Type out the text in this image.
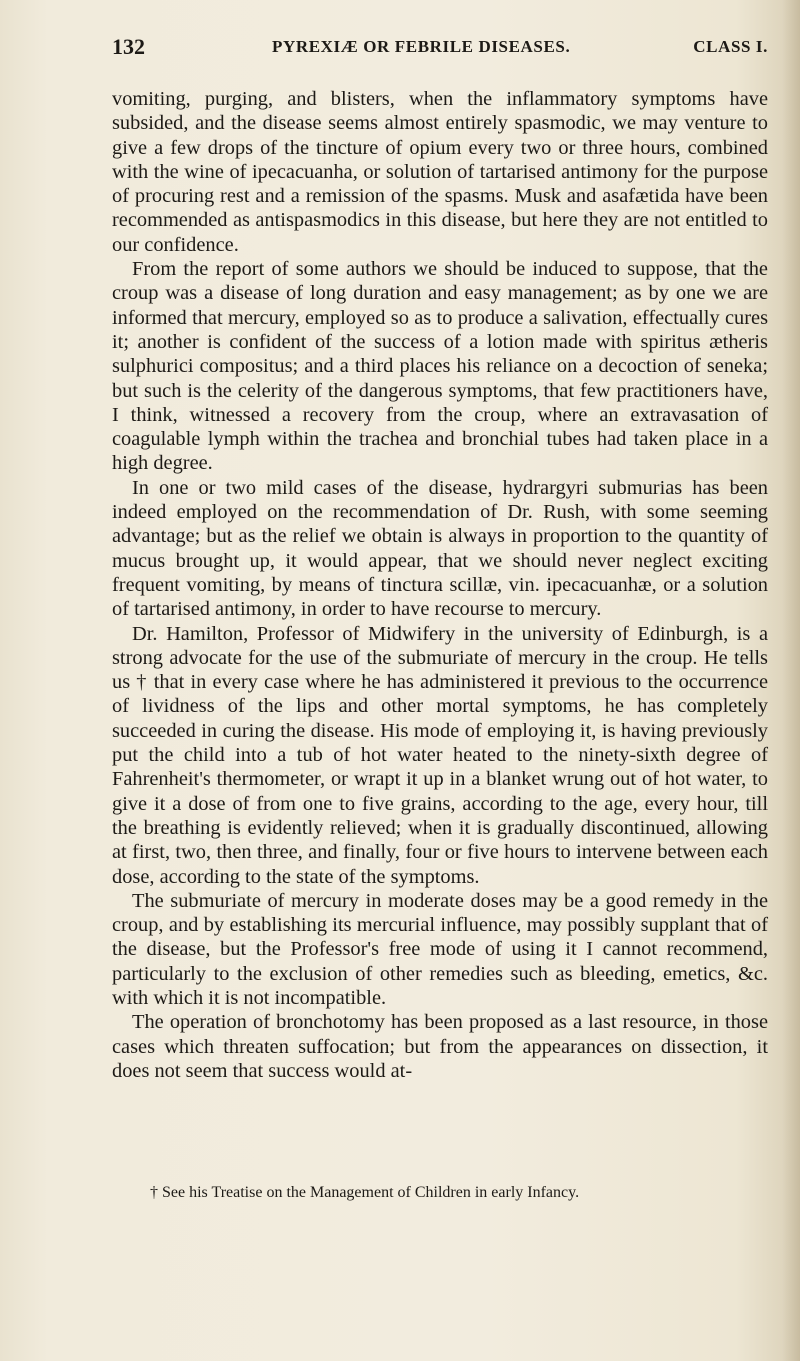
132	PYREXIÆ OR FEBRILE DISEASES.	CLASS I.

vomiting, purging, and blisters, when the inflammatory symptoms have subsided, and the disease seems almost entirely spasmodic, we may venture to give a few drops of the tincture of opium every two or three hours, combined with the wine of ipecacuanha, or solution of tartarised antimony for the purpose of procuring rest and a remission of the spasms. Musk and asafætida have been recommended as antispasmodics in this disease, but here they are not entitled to our confidence.

From the report of some authors we should be induced to suppose, that the croup was a disease of long duration and easy management; as by one we are informed that mercury, employed so as to produce a salivation, effectually cures it; another is confident of the success of a lotion made with spiritus ætheris sulphurici compositus; and a third places his reliance on a decoction of seneka; but such is the celerity of the dangerous symptoms, that few practitioners have, I think, witnessed a recovery from the croup, where an extravasation of coagulable lymph within the trachea and bronchial tubes had taken place in a high degree.

In one or two mild cases of the disease, hydrargyri submurias has been indeed employed on the recommendation of Dr. Rush, with some seeming advantage; but as the relief we obtain is always in proportion to the quantity of mucus brought up, it would appear, that we should never neglect exciting frequent vomiting, by means of tinctura scillæ, vin. ipecacuanhæ, or a solution of tartarised antimony, in order to have recourse to mercury.

Dr. Hamilton, Professor of Midwifery in the university of Edinburgh, is a strong advocate for the use of the submuriate of mercury in the croup. He tells us † that in every case where he has administered it previous to the occurrence of lividness of the lips and other mortal symptoms, he has completely succeeded in curing the disease. His mode of employing it, is having previously put the child into a tub of hot water heated to the ninety-sixth degree of Fahrenheit's thermometer, or wrapt it up in a blanket wrung out of hot water, to give it a dose of from one to five grains, according to the age, every hour, till the breathing is evidently relieved; when it is gradually discontinued, allowing at first, two, then three, and finally, four or five hours to intervene between each dose, according to the state of the symptoms.

The submuriate of mercury in moderate doses may be a good remedy in the croup, and by establishing its mercurial influence, may possibly supplant that of the disease, but the Professor's free mode of using it I cannot recommend, particularly to the exclusion of other remedies such as bleeding, emetics, &c. with which it is not incompatible.

The operation of bronchotomy has been proposed as a last resource, in those cases which threaten suffocation; but from the appearances on dissection, it does not seem that success would at-

† See his Treatise on the Management of Children in early Infancy.
